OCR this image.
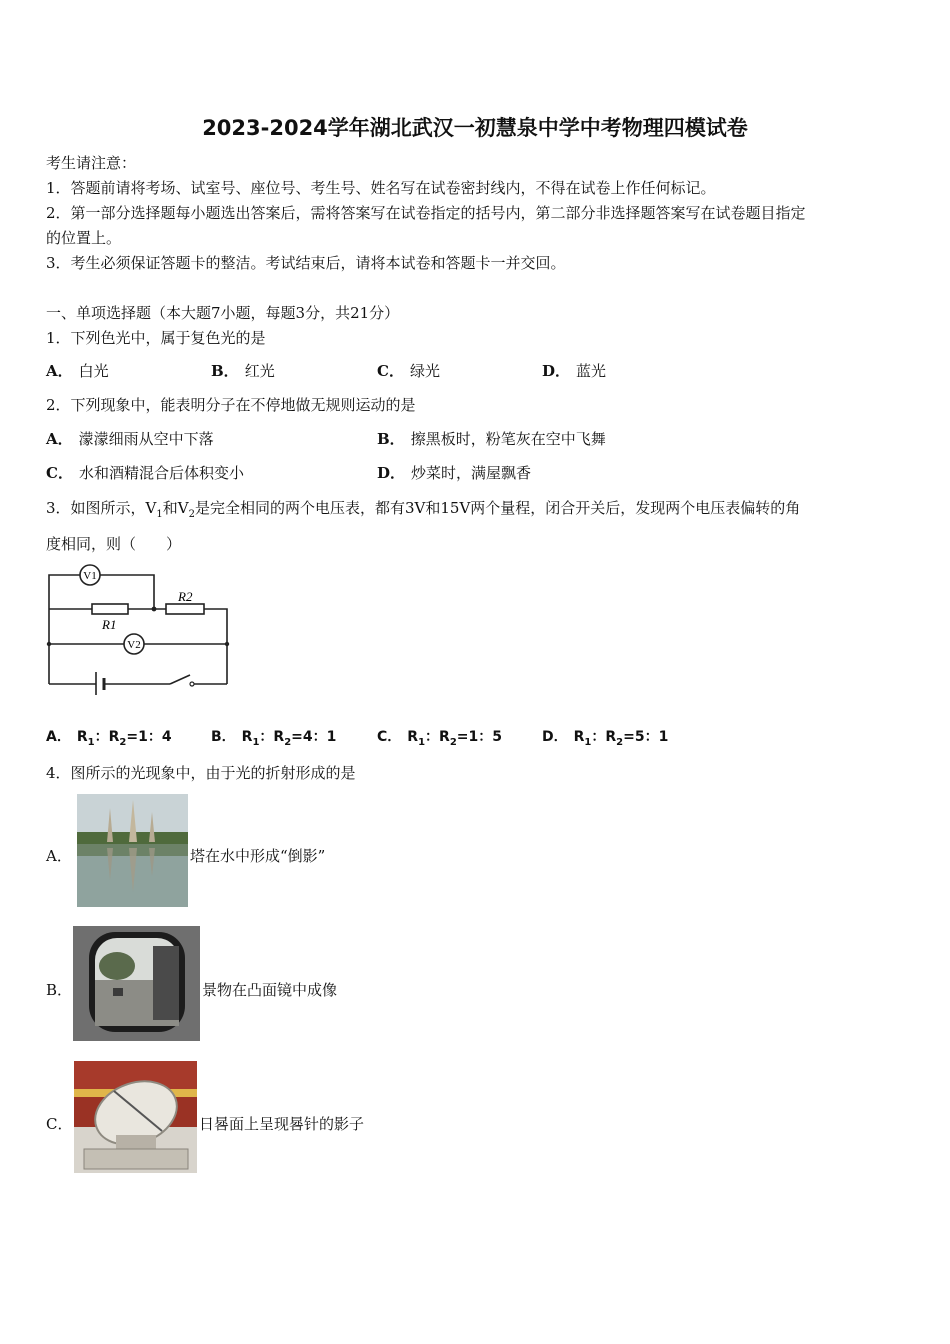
2023-2024学年湖北武汉一初慧泉中学中考物理四模试卷
考生请注意：
1．答题前请将考场、试室号、座位号、考生号、姓名写在试卷密封线内，不得在试卷上作任何标记。
2．第一部分选择题每小题选出答案后，需将答案写在试卷指定的括号内，第二部分非选择题答案写在试卷题目指定
的位置上。
3．考生必须保证答题卡的整洁。考试结束后，请将本试卷和答题卡一并交回。
一、单项选择题（本大题7小题，每题3分，共21分）
1．下列色光中，属于复色光的是
A． 白光	B． 红光	C． 绿光	D． 蓝光
2．下列现象中，能表明分子在不停地做无规则运动的是
A． 濛濛细雨从空中下落	B． 擦黑板时，粉笔灰在空中飞舞
C． 水和酒精混合后体积变小	D． 炒菜时，满屋飘香
3．如图所示，$V_1$和$V_2$是完全相同的两个电压表，都有3V和15V两个量程，闭合开关后，发现两个电压表偏转的角
度相同，则（　　）
V1
V2
R1
R2
A． $R_1$：$R_2=1$：4	B． $R_1$：$R_2=4$：1	C． $R_1$：$R_2=1$：5	D． $R_1$：$R_2=5$：1
4．图所示的光现象中，由于光的折射形成的是
A．	塔在水中形成“倒影”
B．	景物在凸面镜中成像
C．	日晷面上呈现晷针的影子
